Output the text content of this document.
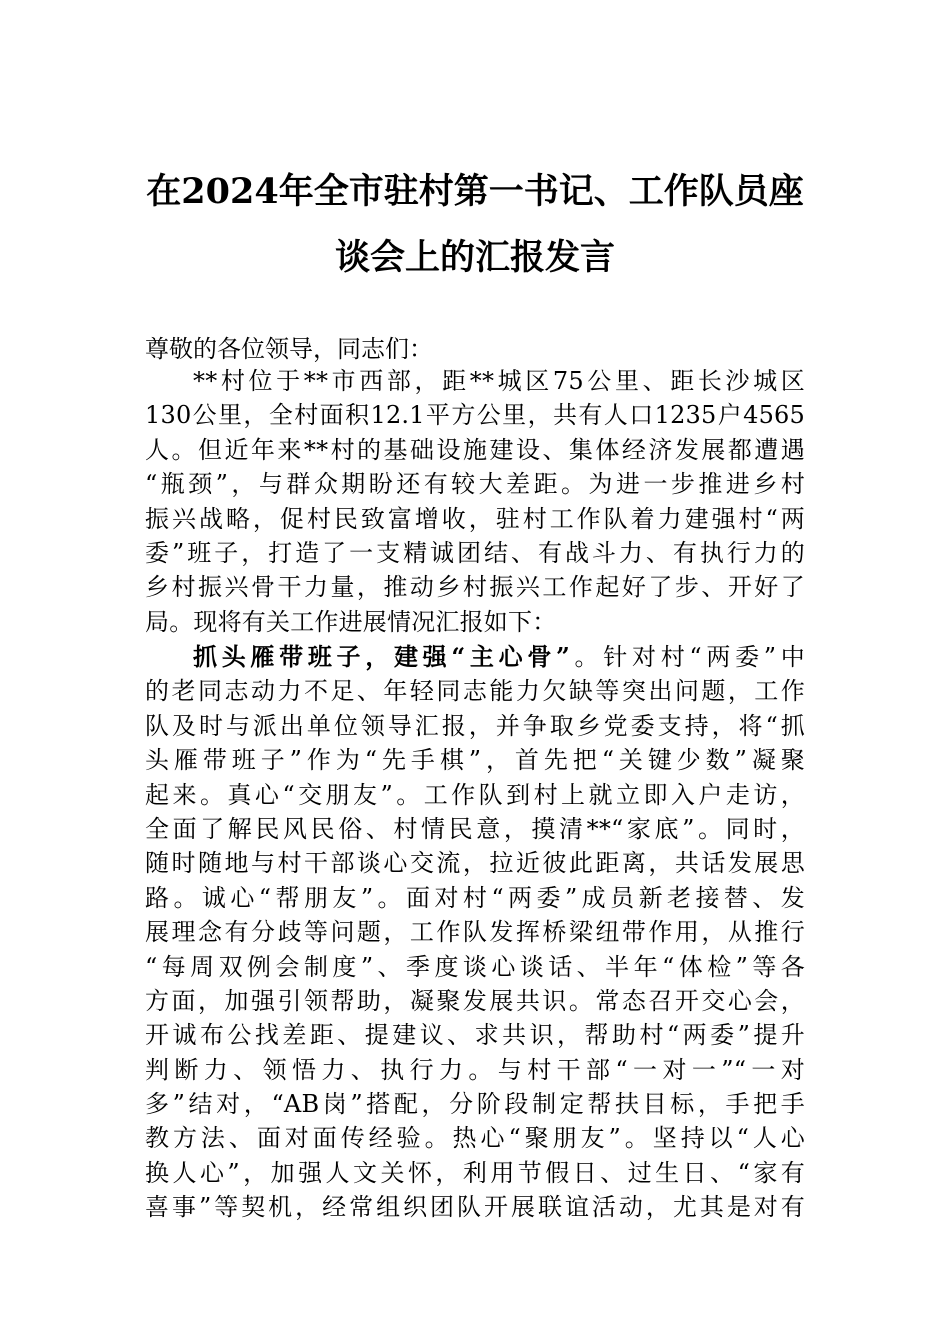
在2024年全市驻村第一书记、工作队员座
谈会上的汇报发言
尊敬的各位领导，同志们：
**村位于**市西部，距**城区75公里、距长沙城区
130公里，全村面积12.1平方公里，共有人口1235户4565
人。但近年来**村的基础设施建设、集体经济发展都遭遇
“瓶颈”，与群众期盼还有较大差距。为进一步推进乡村
振兴战略，促村民致富增收，驻村工作队着力建强村“两
委”班子，打造了一支精诚团结、有战斗力、有执行力的
乡村振兴骨干力量，推动乡村振兴工作起好了步、开好了
局。现将有关工作进展情况汇报如下：
抓头雁带班子，建强“主心骨”。针对村“两委”中
的老同志动力不足、年轻同志能力欠缺等突出问题，工作
队及时与派出单位领导汇报，并争取乡党委支持，将“抓
头雁带班子”作为“先手棋”，首先把“关键少数”凝聚
起来。真心“交朋友”。工作队到村上就立即入户走访，
全面了解民风民俗、村情民意，摸清**“家底”。同时，
随时随地与村干部谈心交流，拉近彼此距离，共话发展思
路。诚心“帮朋友”。面对村“两委”成员新老接替、发
展理念有分歧等问题，工作队发挥桥梁纽带作用，从推行
“每周双例会制度”、季度谈心谈话、半年“体检”等各
方面，加强引领帮助，凝聚发展共识。常态召开交心会，
开诚布公找差距、提建议、求共识，帮助村“两委”提升
判断力、领悟力、执行力。与村干部“一对一”“一对
多”结对，“AB岗”搭配，分阶段制定帮扶目标，手把手
教方法、面对面传经验。热心“聚朋友”。坚持以“人心
换人心”，加强人文关怀，利用节假日、过生日、“家有
喜事”等契机，经常组织团队开展联谊活动，尤其是对有
